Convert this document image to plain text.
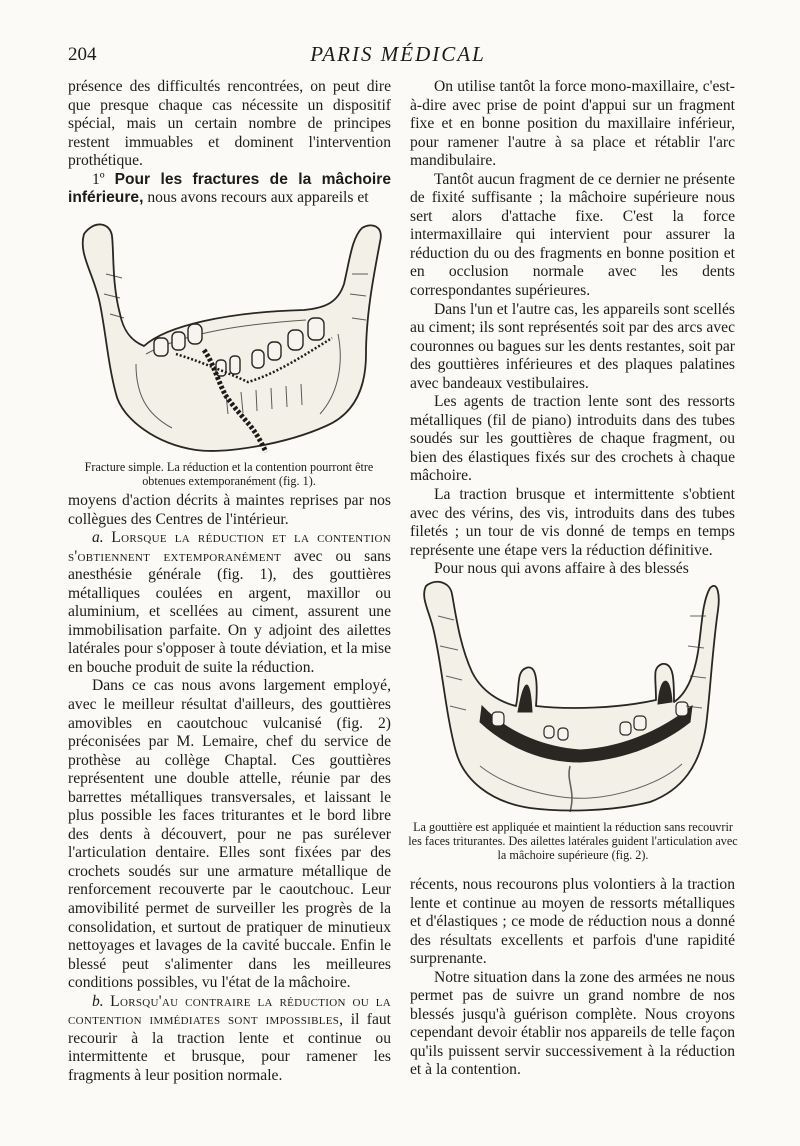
204	PARIS MÉDICAL

présence des difficultés rencontrées, on peut dire que presque chaque cas nécessite un dispositif spécial, mais un certain nombre de principes restent immuables et dominent l'intervention prothétique.

1º Pour les fractures de la mâchoire inférieure, nous avons recours aux appareils et

Fracture simple. La réduction et la contention pourront être obtenues extemporanément (fig. 1).

moyens d'action décrits à maintes reprises par nos collègues des Centres de l'intérieur.

a. Lorsque la réduction et la contention s'obtiennent extemporanément avec ou sans anesthésie générale (fig. 1), des gouttières métalliques coulées en argent, maxillor ou aluminium, et scellées au ciment, assurent une immobilisation parfaite. On y adjoint des ailettes latérales pour s'opposer à toute déviation, et la mise en bouche produit de suite la réduction.

Dans ce cas nous avons largement employé, avec le meilleur résultat d'ailleurs, des gouttières amovibles en caoutchouc vulcanisé (fig. 2) préconisées par M. Lemaire, chef du service de prothèse au collège Chaptal. Ces gouttières représentent une double attelle, réunie par des barrettes métalliques transversales, et laissant le plus possible les faces triturantes et le bord libre des dents à découvert, pour ne pas surélever l'articulation dentaire. Elles sont fixées par des crochets soudés sur une armature métallique de renforcement recouverte par le caoutchouc. Leur amovibilité permet de surveiller les progrès de la consolidation, et surtout de pratiquer de minutieux nettoyages et lavages de la cavité buccale. Enfin le blessé peut s'alimenter dans les meilleures conditions possibles, vu l'état de la mâchoire.

b. Lorsqu'au contraire la réduction ou la contention immédiates sont impossibles, il faut recourir à la traction lente et continue ou intermittente et brusque, pour ramener les fragments à leur position normale.

On utilise tantôt la force mono-maxillaire, c'est-à-dire avec prise de point d'appui sur un fragment fixe et en bonne position du maxillaire inférieur, pour ramener l'autre à sa place et rétablir l'arc mandibulaire.

Tantôt aucun fragment de ce dernier ne présente de fixité suffisante ; la mâchoire supérieure nous sert alors d'attache fixe. C'est la force intermaxillaire qui intervient pour assurer la réduction du ou des fragments en bonne position et en occlusion normale avec les dents correspondantes supérieures.

Dans l'un et l'autre cas, les appareils sont scellés au ciment; ils sont représentés soit par des arcs avec couronnes ou bagues sur les dents restantes, soit par des gouttières inférieures et des plaques palatines avec bandeaux vestibulaires.

Les agents de traction lente sont des ressorts métalliques (fil de piano) introduits dans des tubes soudés sur les gouttières de chaque fragment, ou bien des élastiques fixés sur des crochets à chaque mâchoire.

La traction brusque et intermittente s'obtient avec des vérins, des vis, introduits dans des tubes filetés ; un tour de vis donné de temps en temps représente une étape vers la réduction définitive.

Pour nous qui avons affaire à des blessés

La gouttière est appliquée et maintient la réduction sans recouvrir les faces triturantes. Des ailettes latérales guident l'articulation avec la mâchoire supérieure (fig. 2).

récents, nous recourons plus volontiers à la traction lente et continue au moyen de ressorts métalliques et d'élastiques ; ce mode de réduction nous a donné des résultats excellents et parfois d'une rapidité surprenante.

Notre situation dans la zone des armées ne nous permet pas de suivre un grand nombre de nos blessés jusqu'à guérison complète. Nous croyons cependant devoir établir nos appareils de telle façon qu'ils puissent servir successivement à la réduction et à la contention.
